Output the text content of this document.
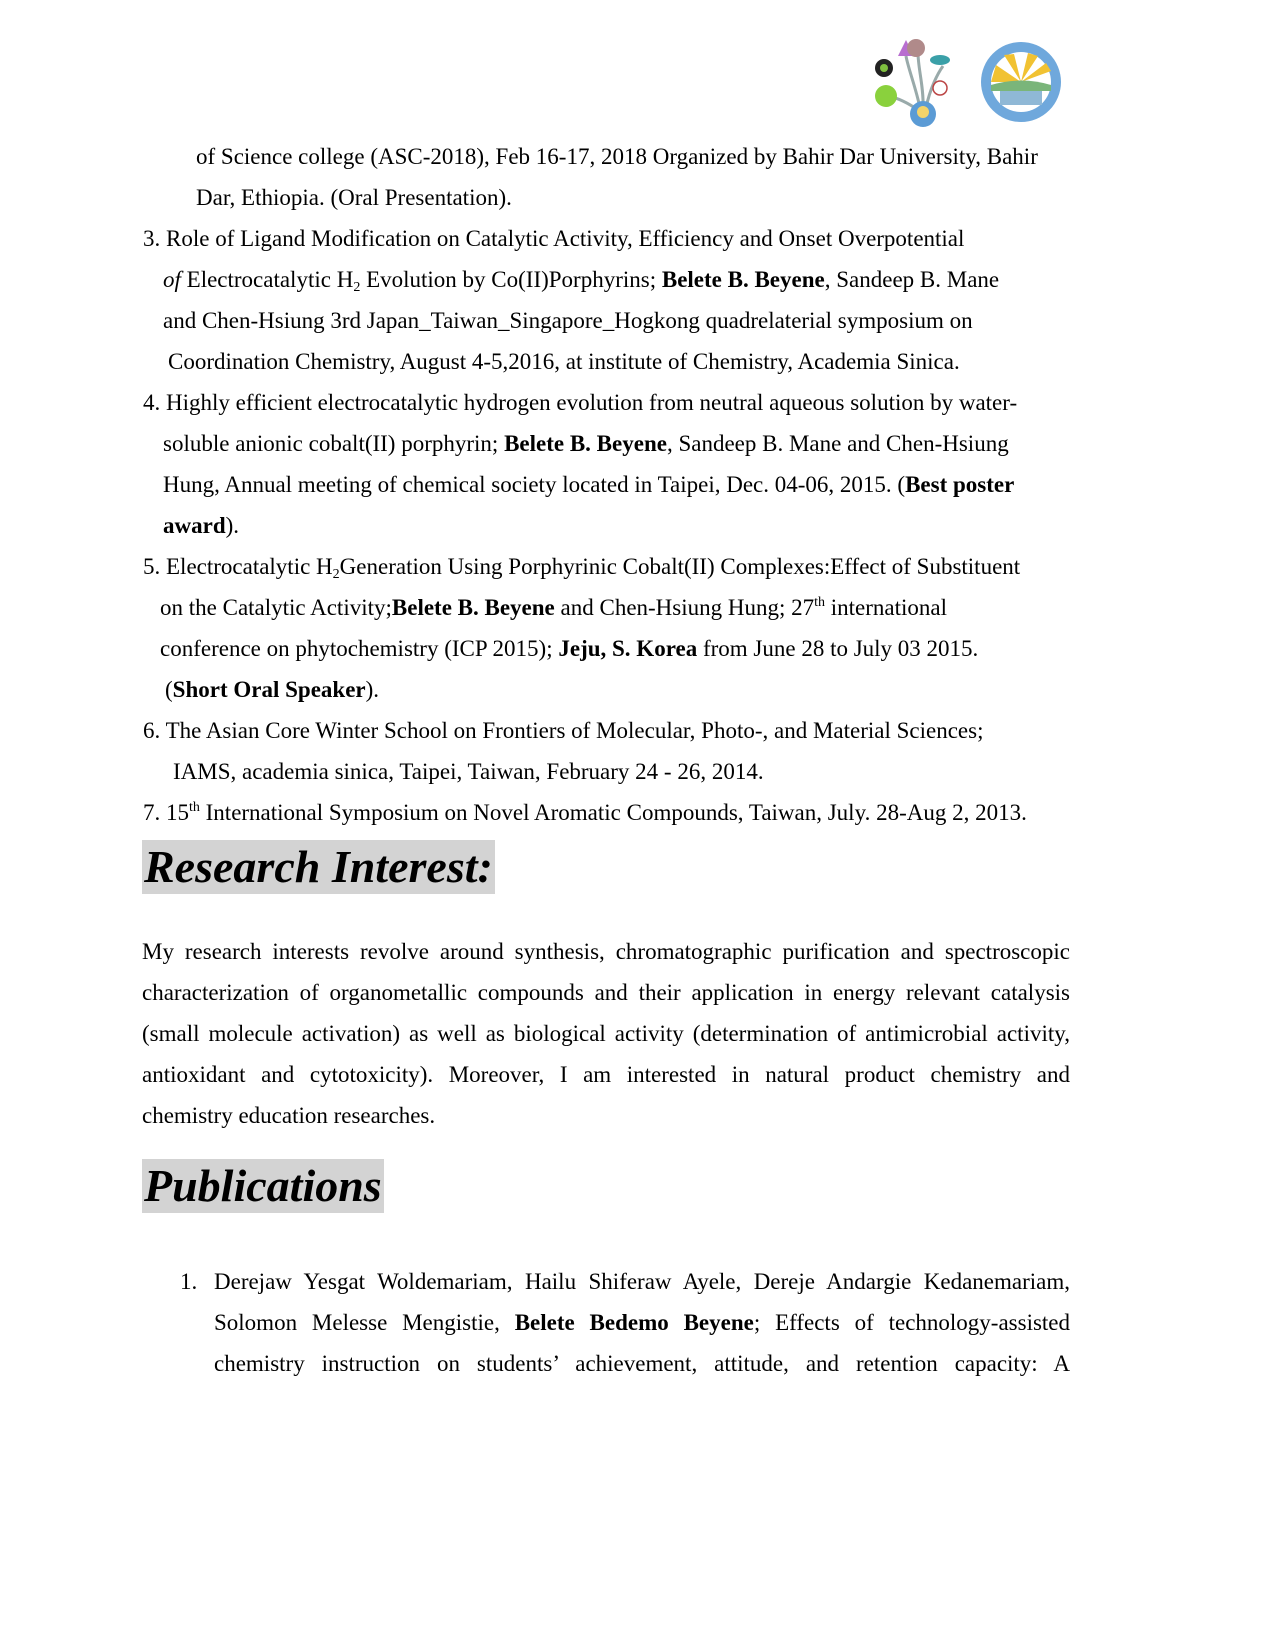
of Science college (ASC-2018), Feb 16-17, 2018 Organized by Bahir Dar University, Bahir
Dar, Ethiopia. (Oral Presentation).
3. Role of Ligand Modification on Catalytic Activity, Efficiency and Onset Overpotential
of Electrocatalytic $H_2$ Evolution by Co(II)Porphyrins; Belete B. Beyene, Sandeep B. Mane
and Chen-Hsiung 3rd Japan_Taiwan_Singapore_Hogkong quadrelaterial symposium on
Coordination Chemistry, August 4-5,2016, at institute of Chemistry, Academia Sinica.
4. Highly efficient electrocatalytic hydrogen evolution from neutral aqueous solution by water-
soluble anionic cobalt(II) porphyrin; Belete B. Beyene, Sandeep B. Mane and Chen-Hsiung
Hung, Annual meeting of chemical society located in Taipei, Dec. 04-06, 2015. (Best poster
award).
5. Electrocatalytic $H_2Generation$ Using Porphyrinic Cobalt(II) Complexes:Effect of Substituent
on the Catalytic Activity;Belete B. Beyene and Chen-Hsiung Hung; 27th international
conference on phytochemistry (ICP 2015); Jeju, S. Korea from June 28 to July 03 2015.
(Short Oral Speaker).
6. The Asian Core Winter School on Frontiers of Molecular, Photo-, and Material Sciences;
IAMS, academia sinica, Taipei, Taiwan, February 24 - 26, 2014.
7. 15th International Symposium on Novel Aromatic Compounds, Taiwan, July. 28-Aug 2, 2013.
Research Interest:
My research interests revolve around synthesis, chromatographic purification and spectroscopic
characterization of organometallic compounds and their application in energy relevant catalysis
(small molecule activation) as well as biological activity (determination of antimicrobial activity,
antioxidant and cytotoxicity). Moreover, I am interested in natural product chemistry and
chemistry education researches.
Publications
1. Derejaw Yesgat Woldemariam, Hailu Shiferaw Ayele, Dereje Andargie Kedanemariam,
Solomon Melesse Mengistie, Belete Bedemo Beyene; Effects of technology-assisted
chemistry instruction on students’ achievement, attitude, and retention capacity: A
